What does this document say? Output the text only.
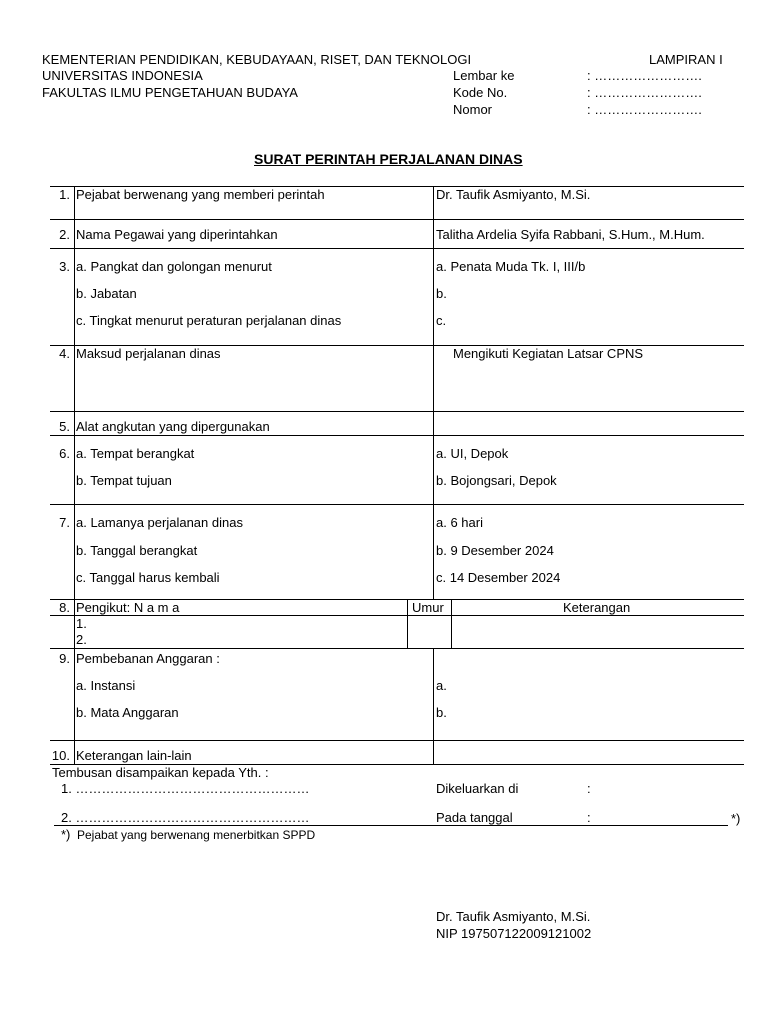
KEMENTERIAN PENDIDIKAN, KEBUDAYAAN, RISET, DAN TEKNOLOGI	LAMPIRAN I
UNIVERSITAS INDONESIA
FAKULTAS ILMU PENGETAHUAN BUDAYA
Lembar ke	: …………………….
Kode No.	: …………………….
Nomor	: …………………….
SURAT PERINTAH PERJALANAN DINAS
1. Pejabat berwenang yang memberi perintah	Dr. Taufik Asmiyanto, M.Si.
2. Nama Pegawai yang diperintahkan	Talitha Ardelia Syifa Rabbani, S.Hum., M.Hum.
3. a. Pangkat dan golongan menurut	a. Penata Muda Tk. I, III/b
b. Jabatan	b.
c. Tingkat menurut peraturan perjalanan dinas	c.
4. Maksud perjalanan dinas	Mengikuti Kegiatan Latsar CPNS
5. Alat angkutan yang dipergunakan
6. a. Tempat berangkat	a. UI, Depok
b. Tempat tujuan	b. Bojongsari, Depok
7. a. Lamanya perjalanan dinas	a. 6 hari
b. Tanggal berangkat	b. 9 Desember 2024
c. Tanggal harus kembali	c. 14 Desember 2024
8. Pengikut: N a m a	Umur	Keterangan
1.
2.
9. Pembebanan Anggaran :
a. Instansi	a.
b. Mata Anggaran	b.
10. Keterangan lain-lain
Tembusan disampaikan kepada Yth. :
1. ………………………………………………
2. ………………………………………………
Dikeluarkan di	:
Pada tanggal	:	*)
*) Pejabat yang berwenang menerbitkan SPPD
Dr. Taufik Asmiyanto, M.Si.
NIP 197507122009121002
